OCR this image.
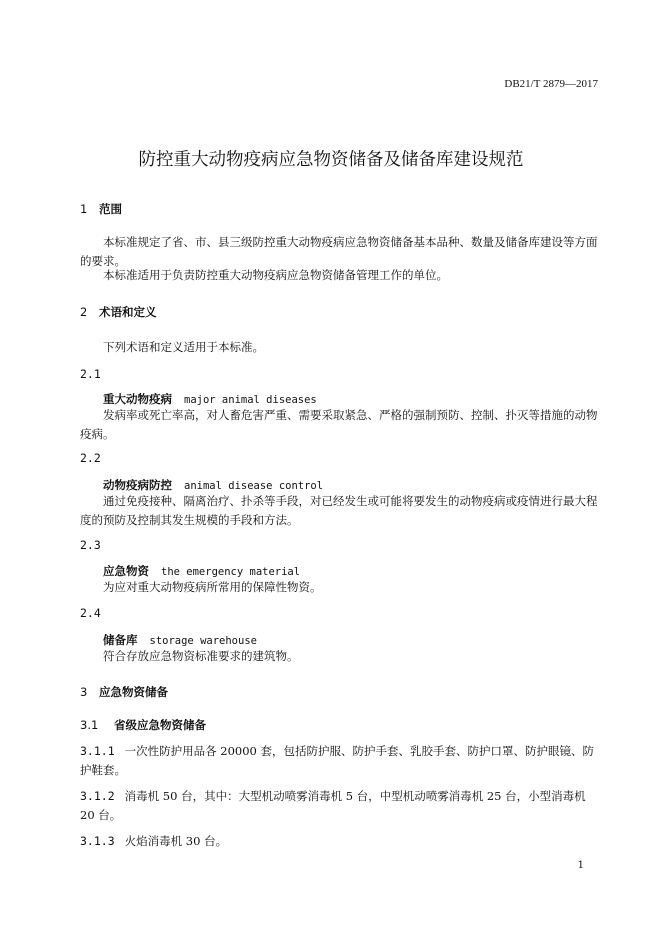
DB21/T 2879—2017
防控重大动物疫病应急物资储备及储备库建设规范
1 范围
本标准规定了省、市、县三级防控重大动物疫病应急物资储备基本品种、数量及储备库建设等方面的要求。
本标准适用于负责防控重大动物疫病应急物资储备管理工作的单位。
2 术语和定义
下列术语和定义适用于本标准。
2.1
重大动物疫病 major animal diseases
发病率或死亡率高，对人畜危害严重、需要采取紧急、严格的强制预防、控制、扑灭等措施的动物疫病。
2.2
动物疫病防控 animal disease control
通过免疫接种、隔离治疗、扑杀等手段，对已经发生或可能将要发生的动物疫病或疫情进行最大程度的预防及控制其发生规模的手段和方法。
2.3
应急物资 the emergency material
为应对重大动物疫病所常用的保障性物资。
2.4
储备库 storage warehouse
符合存放应急物资标准要求的建筑物。
3 应急物资储备
3.1 省级应急物资储备
3.1.1 一次性防护用品各 20000 套，包括防护服、防护手套、乳胶手套、防护口罩、防护眼镜、防护鞋套。
3.1.2 消毒机 50 台，其中：大型机动喷雾消毒机 5 台，中型机动喷雾消毒机 25 台，小型消毒机 20 台。
3.1.3 火焰消毒机 30 台。
1
